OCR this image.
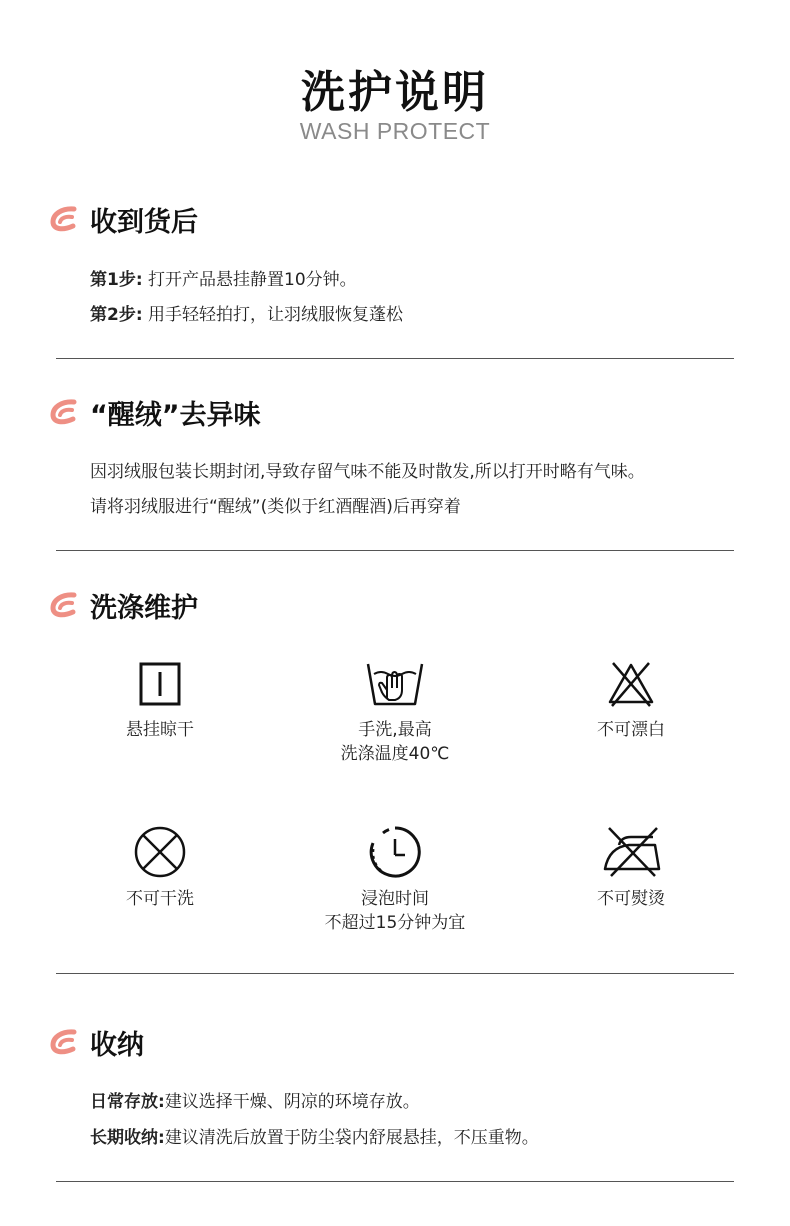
洗护说明
WASH PROTECT
收到货后
第1步: 打开产品悬挂静置10分钟。
第2步: 用手轻轻拍打，让羽绒服恢复蓬松
“醒绒”去异味
因羽绒服包装长期封闭,导致存留气味不能及时散发,所以打开时略有气味。
请将羽绒服进行“醒绒”(类似于红酒醒酒)后再穿着
洗涤维护
悬挂晾干	手洗,最高
洗涤温度40℃
不可漂白
不可干洗	浸泡时间
不超过15分钟为宜
不可熨烫
收纳
日常存放:建议选择干燥、阴凉的环境存放。
长期收纳:建议清洗后放置于防尘袋内舒展悬挂，不压重物。
